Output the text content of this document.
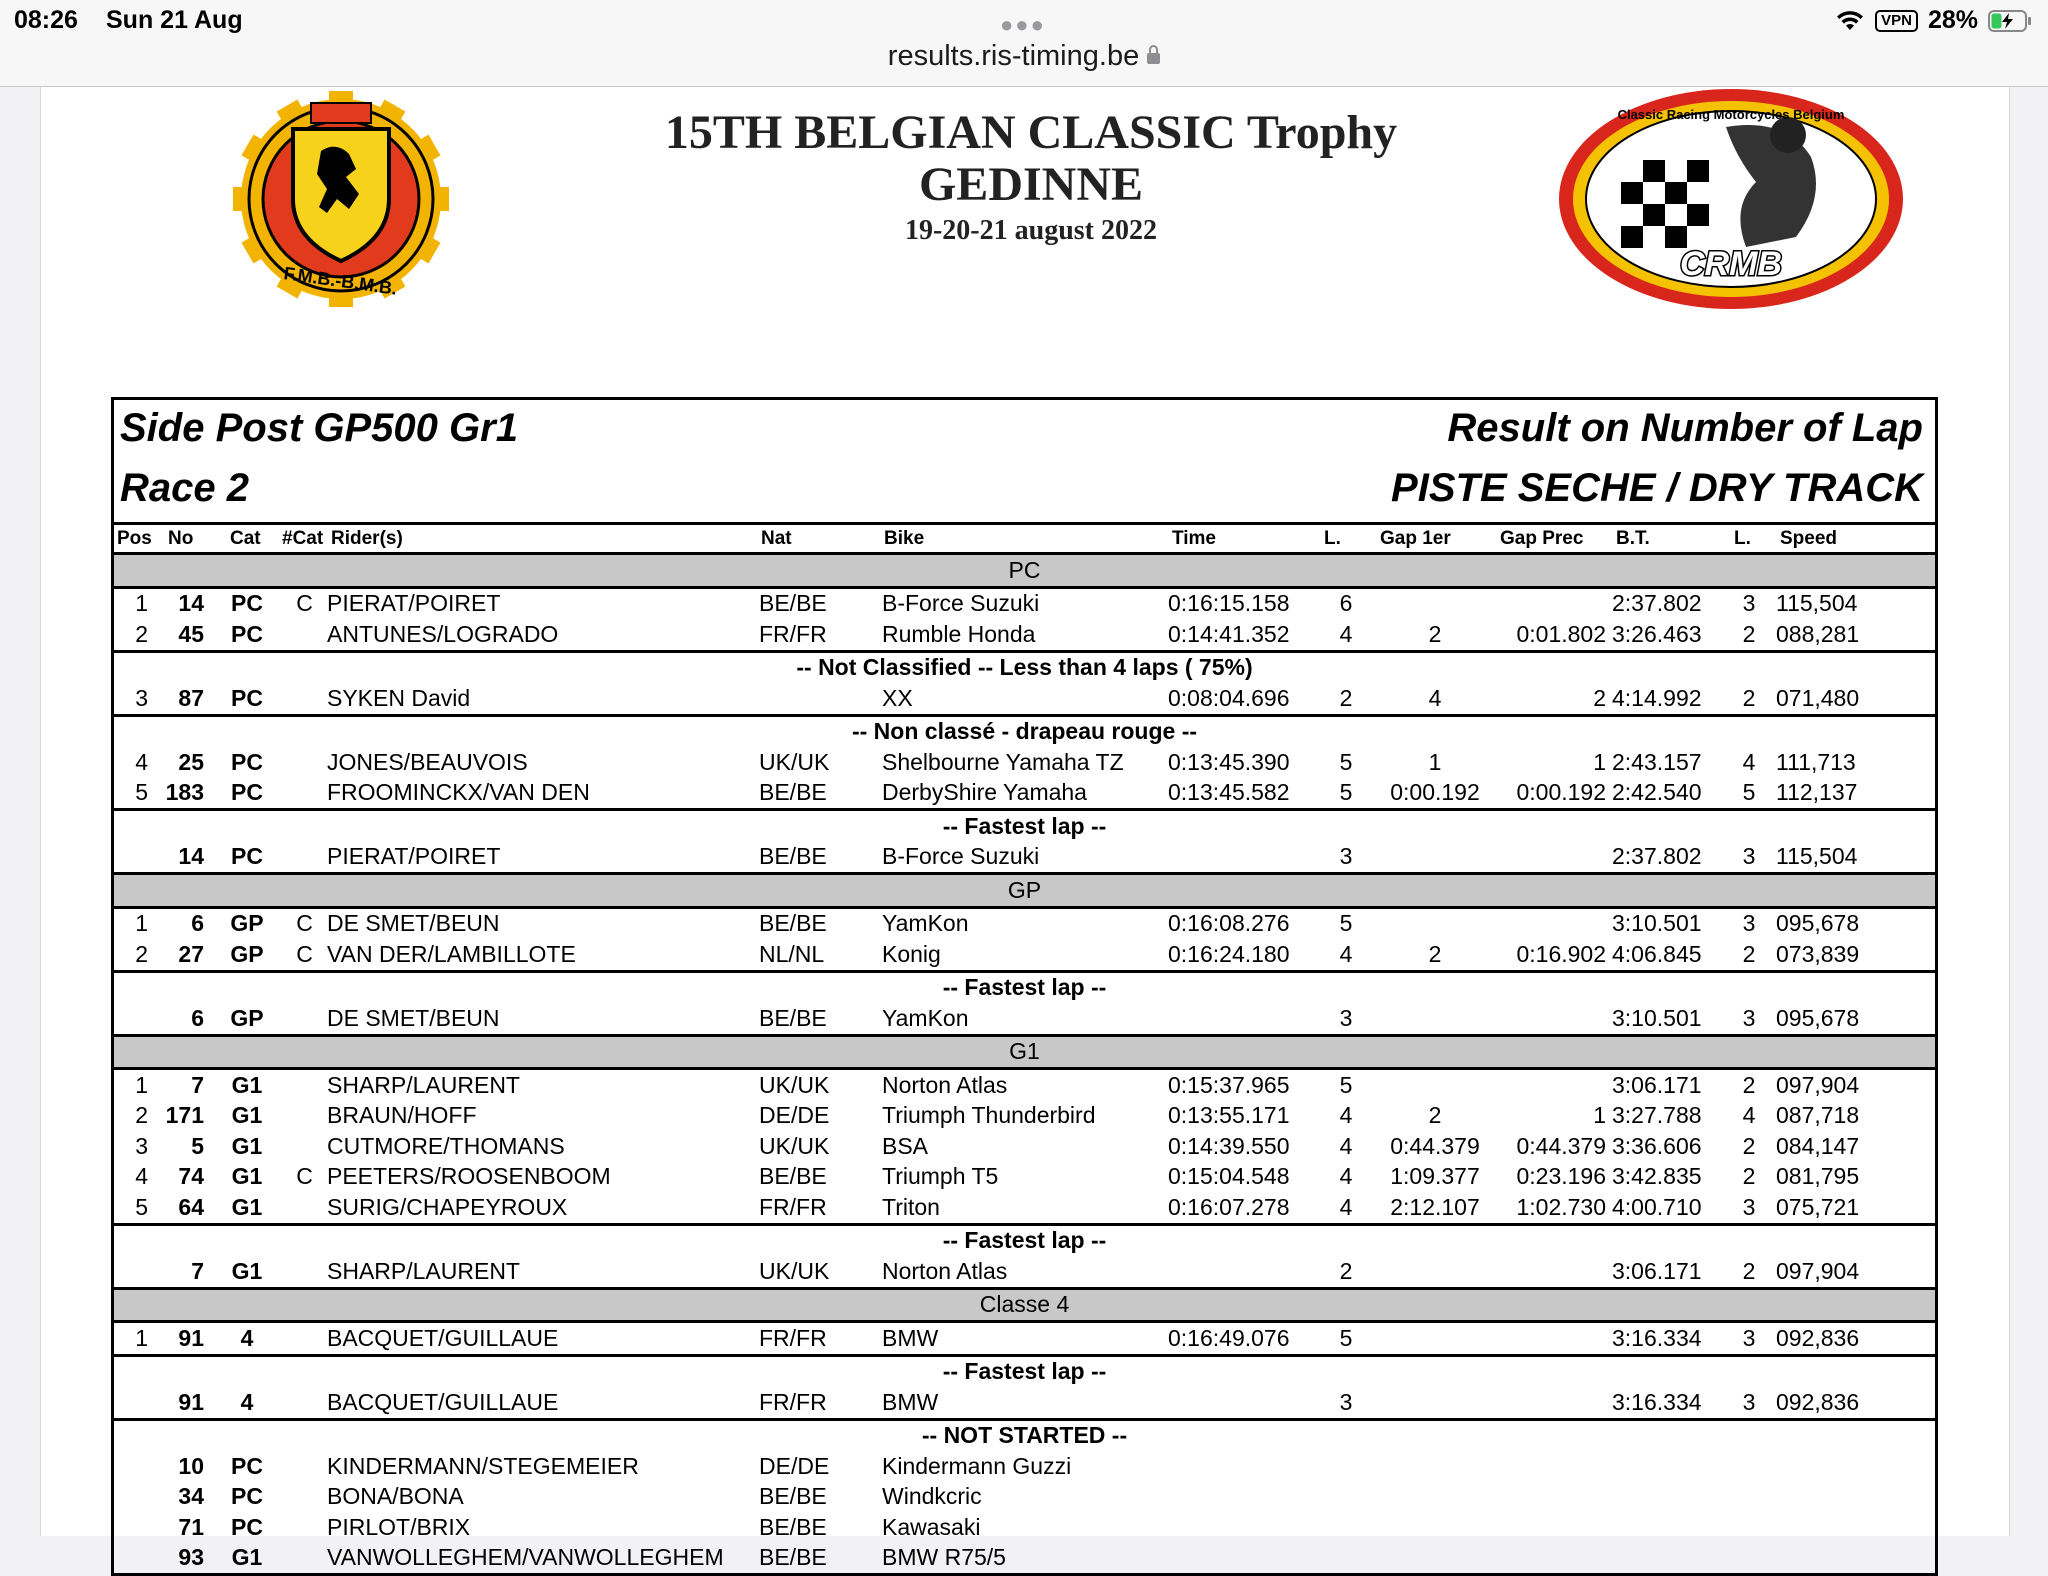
08:26 Sun 21 Aug	●●●
results.ris-timing.be
VPN 28%
F.M.B.-B.M.B.
15TH BELGIAN CLASSIC Trophy
GEDINNE
19-20-21 august 2022
Classic Racing Motorcycles Belgium
CRMB
Side Post GP500 Gr1
Race 2
Result on Number of Lap
PISTE SECHE / DRY TRACK
Pos	No	Cat	#Cat	Rider(s)	Nat	Bike	Time	L.	Gap 1er	Gap Prec	B.T.	L.	Speed
PC													
1	14	PC	C	PIERAT/POIRET	BE/BE	B-Force Suzuki	0:16:15.158	6			2:37.802	3	115,504
2	45	PC		ANTUNES/LOGRADO	FR/FR	Rumble Honda	0:14:41.352	4	2	0:01.802	3:26.463	2	088,281
-- Not Classified -- Less than 4 laps ( 75%)													
3	87	PC		SYKEN David		XX	0:08:04.696	2	4	2	4:14.992	2	071,480
-- Non classé - drapeau rouge --													
4	25	PC		JONES/BEAUVOIS	UK/UK	Shelbourne Yamaha TZ	0:13:45.390	5	1	1	2:43.157	4	111,713
5	183	PC		FROOMINCKX/VAN DEN	BE/BE	DerbyShire Yamaha	0:13:45.582	5	0:00.192	0:00.192	2:42.540	5	112,137
-- Fastest lap --													
	14	PC		PIERAT/POIRET	BE/BE	B-Force Suzuki		3			2:37.802	3	115,504
GP													
1	6	GP	C	DE SMET/BEUN	BE/BE	YamKon	0:16:08.276	5			3:10.501	3	095,678
2	27	GP	C	VAN DER/LAMBILLOTE	NL/NL	Konig	0:16:24.180	4	2	0:16.902	4:06.845	2	073,839
-- Fastest lap --													
	6	GP		DE SMET/BEUN	BE/BE	YamKon		3			3:10.501	3	095,678
G1													
1	7	G1		SHARP/LAURENT	UK/UK	Norton Atlas	0:15:37.965	5			3:06.171	2	097,904
2	171	G1		BRAUN/HOFF	DE/DE	Triumph Thunderbird	0:13:55.171	4	2	1	3:27.788	4	087,718
3	5	G1		CUTMORE/THOMANS	UK/UK	BSA	0:14:39.550	4	0:44.379	0:44.379	3:36.606	2	084,147
4	74	G1	C	PEETERS/ROOSENBOOM	BE/BE	Triumph T5	0:15:04.548	4	1:09.377	0:23.196	3:42.835	2	081,795
5	64	G1		SURIG/CHAPEYROUX	FR/FR	Triton	0:16:07.278	4	2:12.107	1:02.730	4:00.710	3	075,721
-- Fastest lap --													
	7	G1		SHARP/LAURENT	UK/UK	Norton Atlas		2			3:06.171	2	097,904
Classe 4													
1	91	4		BACQUET/GUILLAUE	FR/FR	BMW	0:16:49.076	5			3:16.334	3	092,836
-- Fastest lap --													
	91	4		BACQUET/GUILLAUE	FR/FR	BMW		3			3:16.334	3	092,836
-- NOT STARTED --													
	10	PC		KINDERMANN/STEGEMEIER	DE/DE	Kindermann Guzzi							
	34	PC		BONA/BONA	BE/BE	Windkcric							
	71	PC		PIRLOT/BRIX	BE/BE	Kawasaki							
	93	G1		VANWOLLEGHEM/VANWOLLEGHEM	BE/BE	BMW R75/5							
